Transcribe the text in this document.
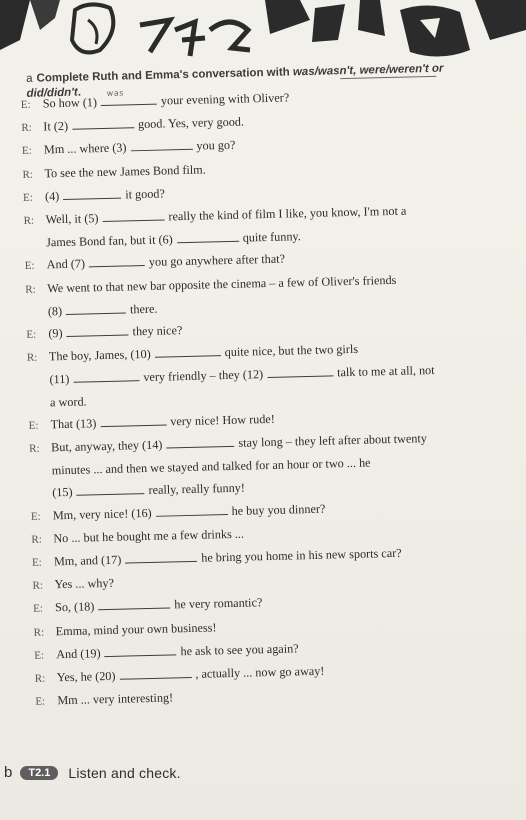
a Complete Ruth and Emma's conversation with was/wasn't, were/weren't or did/didn't.
E: So how (1)
was	your evening with Oliver?
R: It (2)	good. Yes, very good.
E: Mm ... where (3)	you go?
R: To see the new James Bond film.
E: (4)	it good?
R: Well, it (5)	really the kind of film I like, you know, I'm not a
James Bond fan, but it (6)	quite funny.
E: And (7)	you go anywhere after that?
R: We went to that new bar opposite the cinema – a few of Oliver's friends
(8)	there.
E: (9)	they nice?
R: The boy, James, (10)	quite nice, but the two girls
(11)	very friendly – they (12)	talk to me at all, not
a word.
E: That (13)	very nice! How rude!
R: But, anyway, they (14)	stay long – they left after about twenty
minutes ... and then we stayed and talked for an hour or two ... he
(15)	really, really funny!
E: Mm, very nice! (16)	he buy you dinner?
R: No ... but he bought me a few drinks ...
E: Mm, and (17)	he bring you home in his new sports car?
R: Yes ... why?
E: So, (18)	he very romantic?
R: Emma, mind your own business!
E: And (19)	he ask to see you again?
R: Yes, he (20)	, actually ... now go away!
E: Mm ... very interesting!
b	T2.1	Listen and check.
